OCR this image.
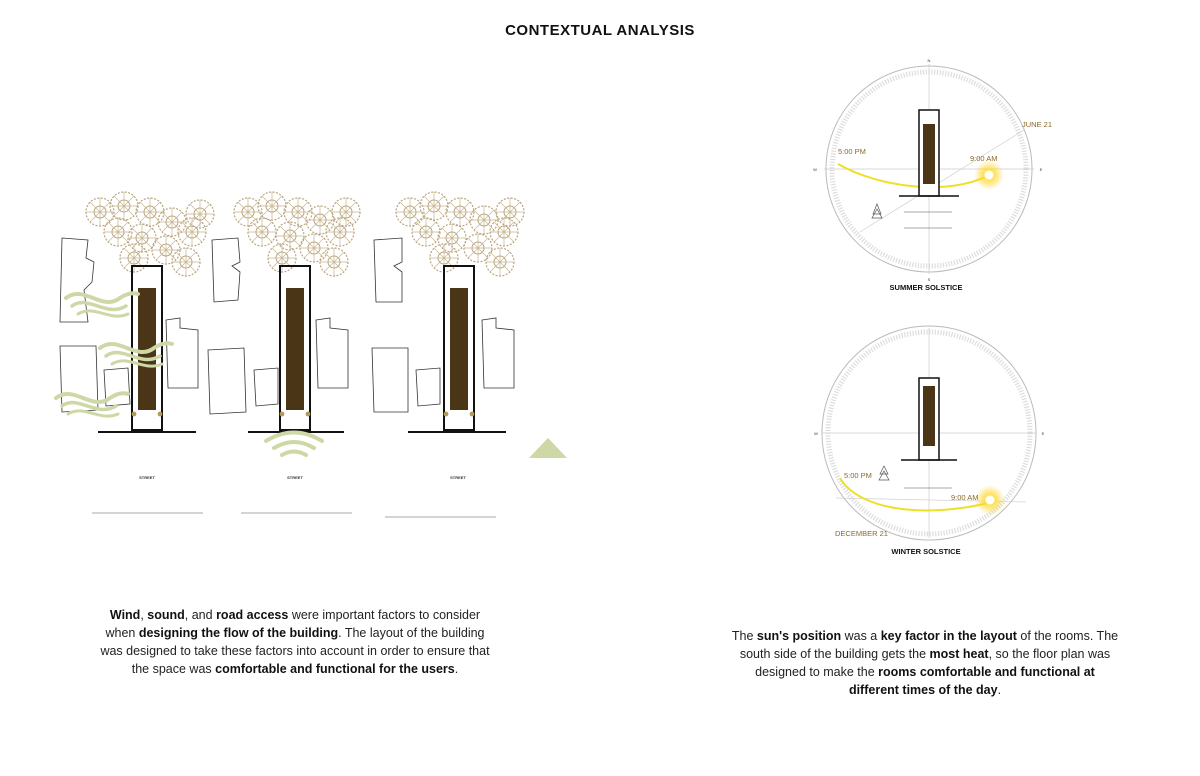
CONTEXTUAL ANALYSIS
STREET	STREET	STREET
N
S
E
W
5:00 PM
9:00 AM
JUNE 21
SUMMER SOLSTICE
E
W
5:00 PM
9:00 AM
DECEMBER 21
WINTER SOLSTICE
Wind, sound, and road access were important factors to consider when designing the flow of the building. The layout of the building was designed to take these factors into account in order to ensure that the space was comfortable and functional for the users.
The sun's position was a key factor in the layout of the rooms. The south side of the building gets the most heat, so the floor plan was designed to make the rooms comfortable and functional at different times of the day.
